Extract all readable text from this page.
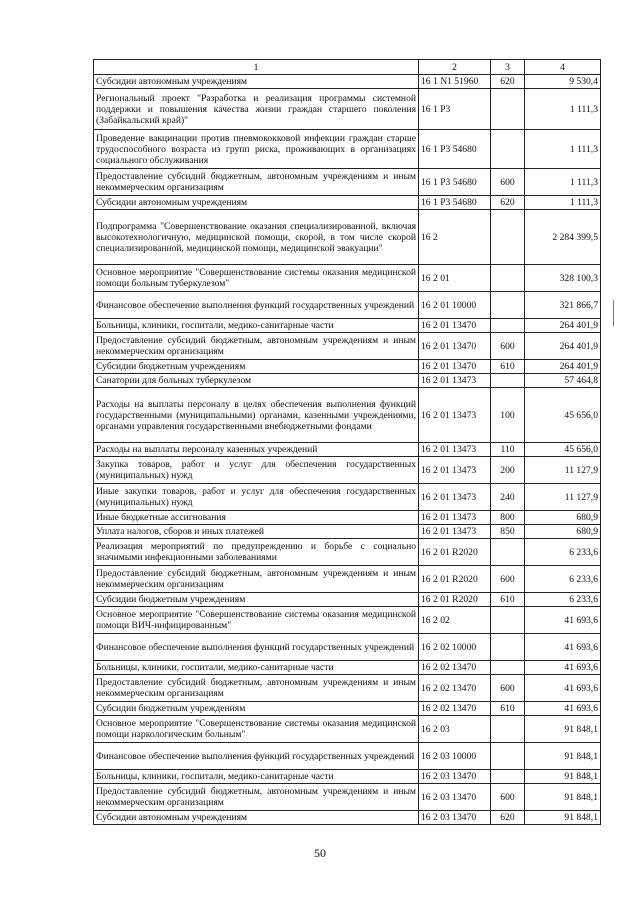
1	2	3	4
Субсидии автономным учреждениям	16 1 N1 51960	620	9 530,4
Региональный проект "Разработка и реализация программы системной поддержки и повышения качества жизни граждан старшего поколения (Забайкальский край)"	16 1 P3		1 111,3
Проведение вакцинации против пневмококковой инфекции граждан старше трудоспособного возраста из групп риска, проживающих в организациях социального обслуживания	16 1 P3 54680		1 111,3
Предоставление субсидий бюджетным, автономным учреждениям и иным некоммерческим организациям	16 1 P3 54680	600	1 111,3
Субсидии автономным учреждениям	16 1 P3 54680	620	1 111,3
Подпрограмма "Совершенствование оказания специализированной, включая высокотехнологичную, медицинской помощи, скорой, в том числе скорой специализированной, медицинской помощи, медицинской эвакуации"	16 2		2 284 399,5
Основное мероприятие "Совершенствование системы оказания медицинской помощи больным туберкулезом"	16 2 01		328 100,3
Финансовое обеспечение выполнения функций государственных учреждений	16 2 01 10000		321 866,7
Больницы, клиники, госпитали, медико-санитарные части	16 2 01 13470		264 401,9
Предоставление субсидий бюджетным, автономным учреждениям и иным некоммерческим организациям	16 2 01 13470	600	264 401,9
Субсидии бюджетным учреждениям	16 2 01 13470	610	264 401,9
Санатории для больных туберкулезом	16 2 01 13473		57 464,8
Расходы на выплаты персоналу в целях обеспечения выполнения функций государственными (муниципальными) органами, казенными учреждениями, органами управления государственными внебюджетными фондами	16 2 01 13473	100	45 656,0
Расходы на выплаты персоналу казенных учреждений	16 2 01 13473	110	45 656,0
Закупка товаров, работ и услуг для обеспечения государственных (муниципальных) нужд	16 2 01 13473	200	11 127,9
Иные закупки товаров, работ и услуг для обеспечения государственных (муниципальных) нужд	16 2 01 13473	240	11 127,9
Иные бюджетные ассигнования	16 2 01 13473	800	680,9
Уплата налогов, сборов и иных платежей	16 2 01 13473	850	680,9
Реализация мероприятий по предупреждению и борьбе с социально значимыми инфекционными заболеваниями	16 2 01 R2020		6 233,6
Предоставление субсидий бюджетным, автономным учреждениям и иным некоммерческим организациям	16 2 01 R2020	600	6 233,6
Субсидии бюджетным учреждениям	16 2 01 R2020	610	6 233,6
Основное мероприятие "Совершенствование системы оказания медицинской помощи ВИЧ-инфицированным"	16 2 02		41 693,6
Финансовое обеспечение выполнения функций государственных учреждений	16 2 02 10000		41 693,6
Больницы, клиники, госпитали, медико-санитарные части	16 2 02 13470		41 693,6
Предоставление субсидий бюджетным, автономным учреждениям и иным некоммерческим организациям	16 2 02 13470	600	41 693,6
Субсидии бюджетным учреждениям	16 2 02 13470	610	41 693,6
Основное мероприятие "Совершенствование системы оказания медицинской помощи наркологическим больным"	16 2 03		91 848,1
Финансовое обеспечение выполнения функций государственных учреждений	16 2 03 10000		91 848,1
Больницы, клиники, госпитали, медико-санитарные части	16 2 03 13470		91 848,1
Предоставление субсидий бюджетным, автономным учреждениям и иным некоммерческим организациям	16 2 03 13470	600	91 848,1
Субсидии автономным учреждениям	16 2 03 13470	620	91 848,1
50
